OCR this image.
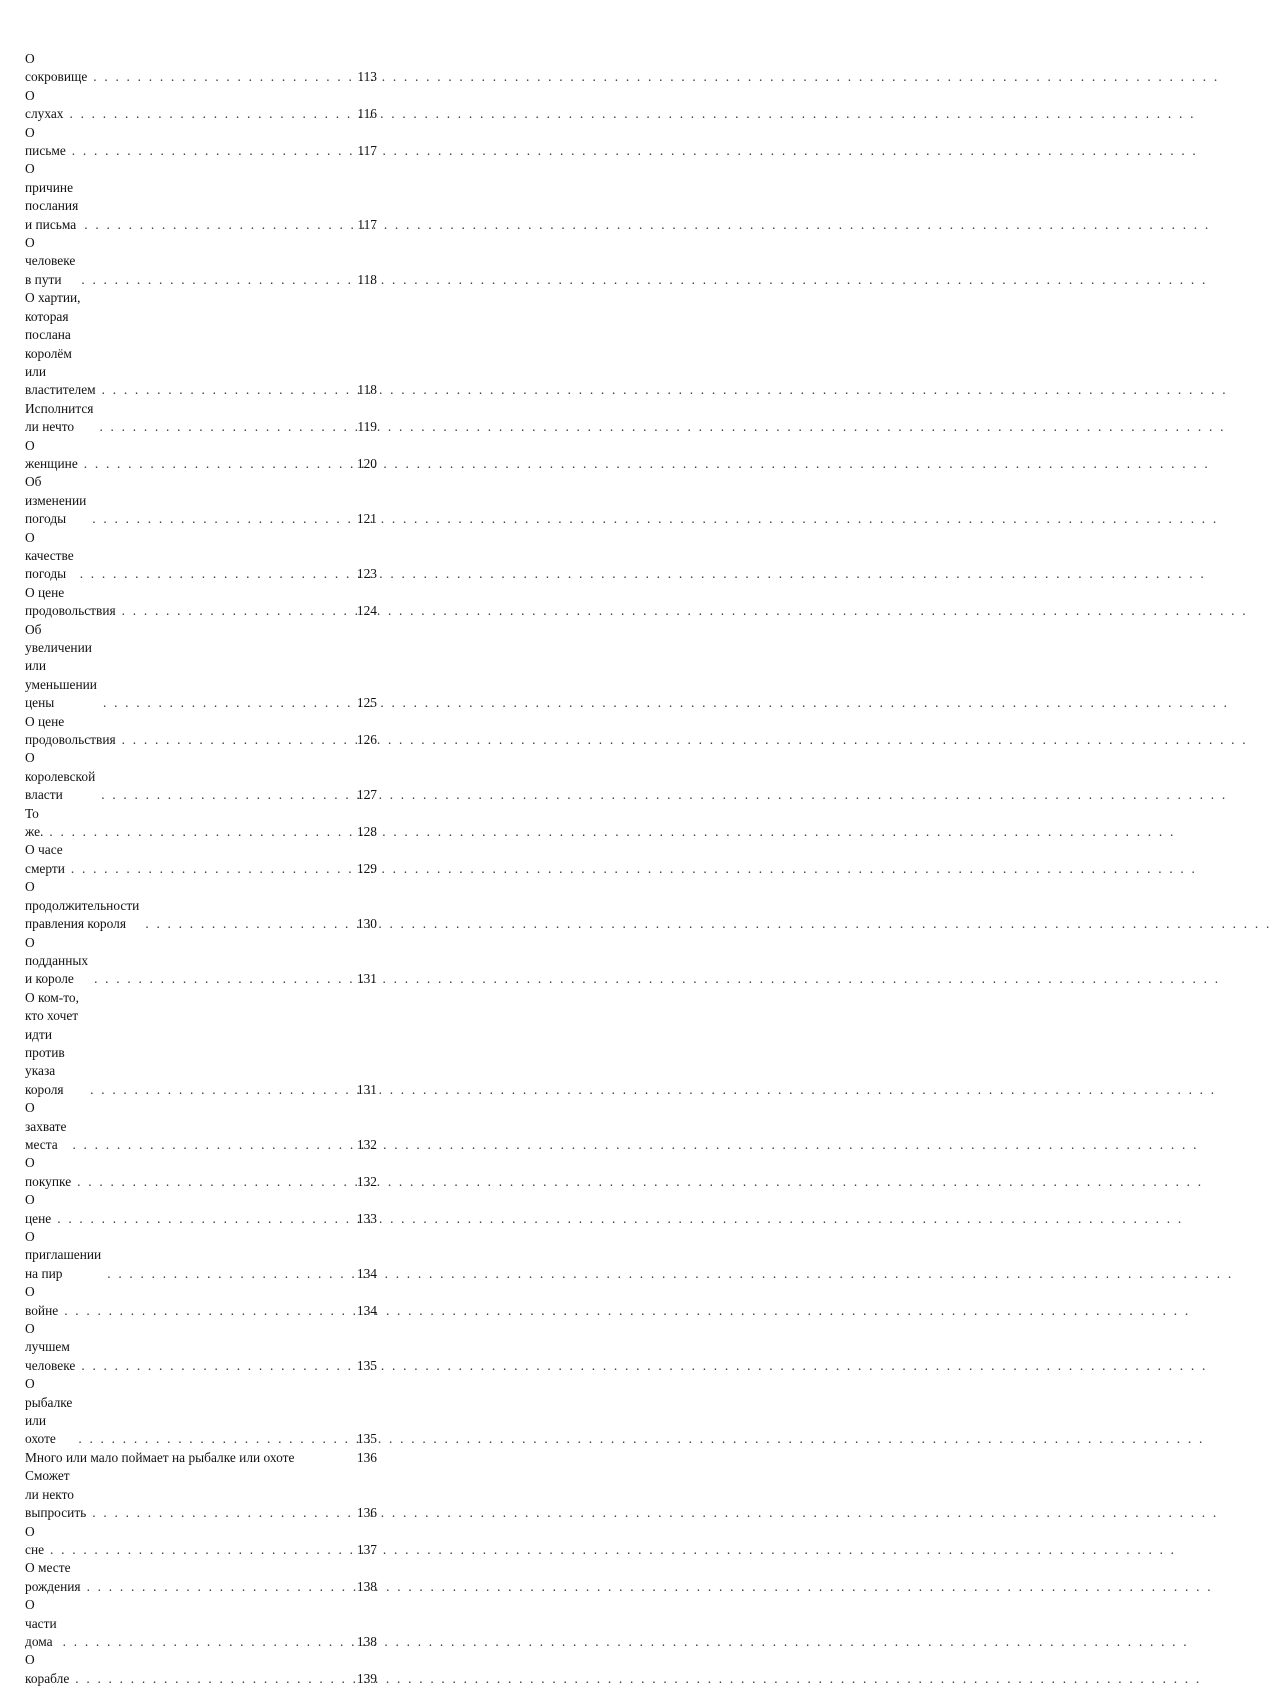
О сокровище . . .	113
О слухах . . .	116
О письме . . .	117
О причине послания и письма . . .	117
О человеке в пути . . .	118
О хартии, которая послана королём или
властителем . . .	118
Исполнится ли нечто . . .	119
О женщине . . .	120
Об изменении погоды . . .	121
О качестве погоды . . .	123
О цене продовольствия . . .	124
Об увеличении или уменьшении цены . . .	125
О цене продовольствия . . .	126
О королевской власти . . .	127
То же. . . .	128
О часе смерти . . .	129
О продолжительности правления короля . . .	130
О подданных и короле . . .	131
О ком-то, кто хочет идти против указа короля . . .	131
О захвате места . . .	132
О покупке . . .	132
О цене . . .	133
О приглашении на пир . . .	134
О войне . . .	134
О лучшем человеке . . .	135
О рыбалке или охоте . . .	135
Много или мало поймает на рыбалке или охоте	136
Сможет ли некто выпросить . . .	136
О сне . . .	137
О месте рождения . . .	138
О части дома . . .	138
О корабле . . .	139
